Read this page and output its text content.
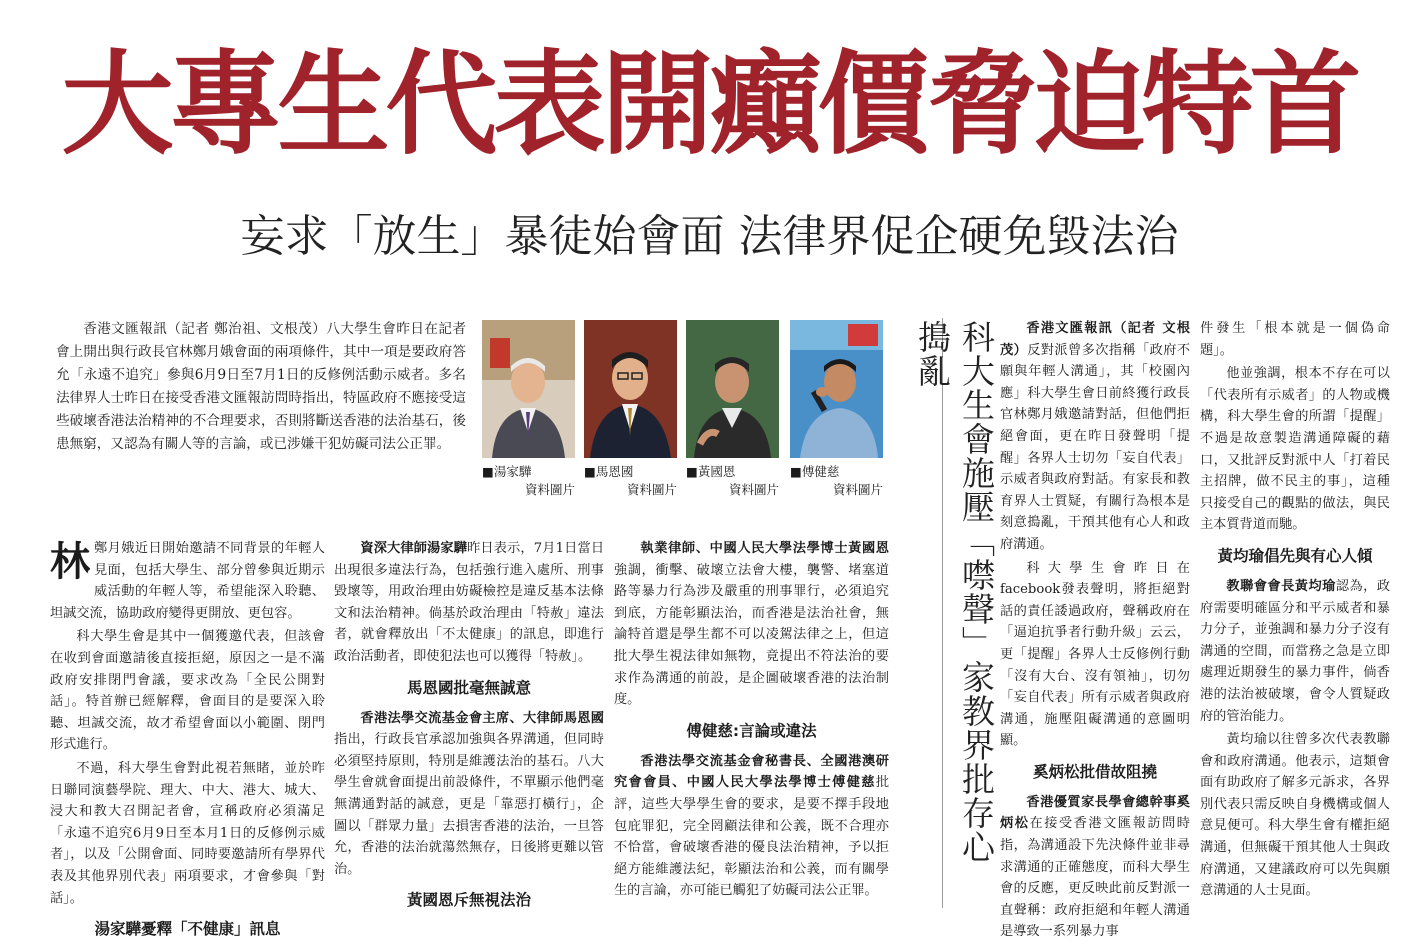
大專生代表開癲價脅迫特首
妄求「放生」暴徒始會面 法律界促企硬免毀法治

香港文匯報訊（記者 鄭治祖、文根茂）八大學生會昨日在記者會上開出與行政長官林鄭月娥會面的兩項條件，其中一項是要政府答允「永遠不追究」參與6月9日至7月1日的反修例活動示威者。多名法律界人士昨日在接受香港文匯報訪問時指出，特區政府不應接受這些破壞香港法治精神的不合理要求，否則將斷送香港的法治基石，後患無窮，又認為有關人等的言論，或已涉嫌干犯妨礙司法公正罪。

■湯家驊
資料圖片
■馬恩國
資料圖片
■黃國恩
資料圖片
■傅健慈
資料圖片

林鄭月娥近日開始邀請不同背景的年輕人見面，包括大學生、部分曾參與近期示威活動的年輕人等，希望能深入聆聽、坦誠交流，協助政府變得更開放、更包容。

科大學生會是其中一個獲邀代表，但該會在收到會面邀請後直接拒絕，原因之一是不滿政府安排閉門會議，要求改為「全民公開對話」。特首辦已經解釋，會面目的是要深入聆聽、坦誠交流，故才希望會面以小範圍、閉門形式進行。

不過，科大學生會對此視若無睹，並於昨日聯同演藝學院、理大、中大、港大、城大、浸大和教大召開記者會，宣稱政府必須滿足「永遠不追究6月9日至本月1日的反修例示威者」，以及「公開會面、同時要邀請所有學界代表及其他界別代表」兩項要求，才會參與「對話」。

湯家驊憂釋「不健康」訊息

資深大律師湯家驊昨日表示，7月1日當日出現很多違法行為，包括強行進入處所、刑事毀壞等，用政治理由妨礙檢控是違反基本法條文和法治精神。倘基於政治理由「特赦」違法者，就會釋放出「不太健康」的訊息，即進行政治活動者，即使犯法也可以獲得「特赦」。

馬恩國批毫無誠意

香港法學交流基金會主席、大律師馬恩國指出，行政長官承認加強與各界溝通，但同時必須堅持原則，特別是維護法治的基石。八大學生會就會面提出前設條件，不單顯示他們毫無溝通對話的誠意，更是「靠惡打橫行」，企圖以「群眾力量」去損害香港的法治，一旦答允，香港的法治就蕩然無存，日後將更難以管治。

黃國恩斥無視法治

執業律師、中國人民大學法學博士黃國恩強調，衝擊、破壞立法會大樓，襲警、堵塞道路等暴力行為涉及嚴重的刑事罪行，必須追究到底，方能彰顯法治，而香港是法治社會，無論特首還是學生都不可以凌駕法律之上，但這批大學生視法律如無物，竟提出不符法治的要求作為溝通的前設，是企圖破壞香港的法治制度。

傅健慈:言論或違法

香港法學交流基金會秘書長、全國港澳研究會會員、中國人民大學法學博士傅健慈批評，這些大學學生會的要求，是要不擇手段地包庇罪犯，完全罔顧法律和公義，既不合理亦不恰當，會破壞香港的優良法治精神，予以拒絕方能維護法紀，彰顯法治和公義，而有關學生的言論，亦可能已觸犯了妨礙司法公正罪。

科大生會施壓「噤聲」家教界批存心搗亂	香港文匯報訊（記者 文根茂）反對派曾多次指稱「政府不願與年輕人溝通」，其「校園內應」科大學生會日前終獲行政長官林鄭月娥邀請對話，但他們拒絕會面，更在昨日發聲明「提醒」各界人士切勿「妄自代表」示威者與政府對話。有家長和教育界人士質疑，有關行為根本是刻意搗亂，干預其他有心人和政府溝通。

科大學生會昨日在facebook發表聲明，將拒絕對話的責任諉過政府，聲稱政府在「逼迫抗爭者行動升級」云云，更「提醒」各界人士反修例行動「沒有大台、沒有領袖」，切勿「妄自代表」所有示威者與政府溝通，施壓阻礙溝通的意圖明顯。

奚炳松批借故阻撓

香港優質家長學會總幹事奚炳松在接受香港文匯報訪問時指，為溝通設下先決條件並非尋求溝通的正確態度，而科大學生會的反應，更反映此前反對派一直聲稱：政府拒絕和年輕人溝通是導致一系列暴力事

件發生「根本就是一個偽命題」。

他並強調，根本不存在可以「代表所有示威者」的人物或機構，科大學生會的所謂「提醒」不過是故意製造溝通障礙的藉口，又批評反對派中人「打着民主招牌，做不民主的事」，這種只接受自己的觀點的做法，與民主本質背道而馳。

黃均瑜倡先與有心人傾

教聯會會長黃均瑜認為，政府需要明確區分和平示威者和暴力分子，並強調和暴力分子沒有溝通的空間，而當務之急是立即處理近期發生的暴力事件，倘香港的法治被破壞，會令人質疑政府的管治能力。

黃均瑜以往曾多次代表教聯會和政府溝通。他表示，這類會面有助政府了解多元訴求，各界別代表只需反映自身機構或個人意見便可。科大學生會有權拒絕溝通，但無礙干預其他人士與政府溝通，又建議政府可以先與願意溝通的人士見面。
